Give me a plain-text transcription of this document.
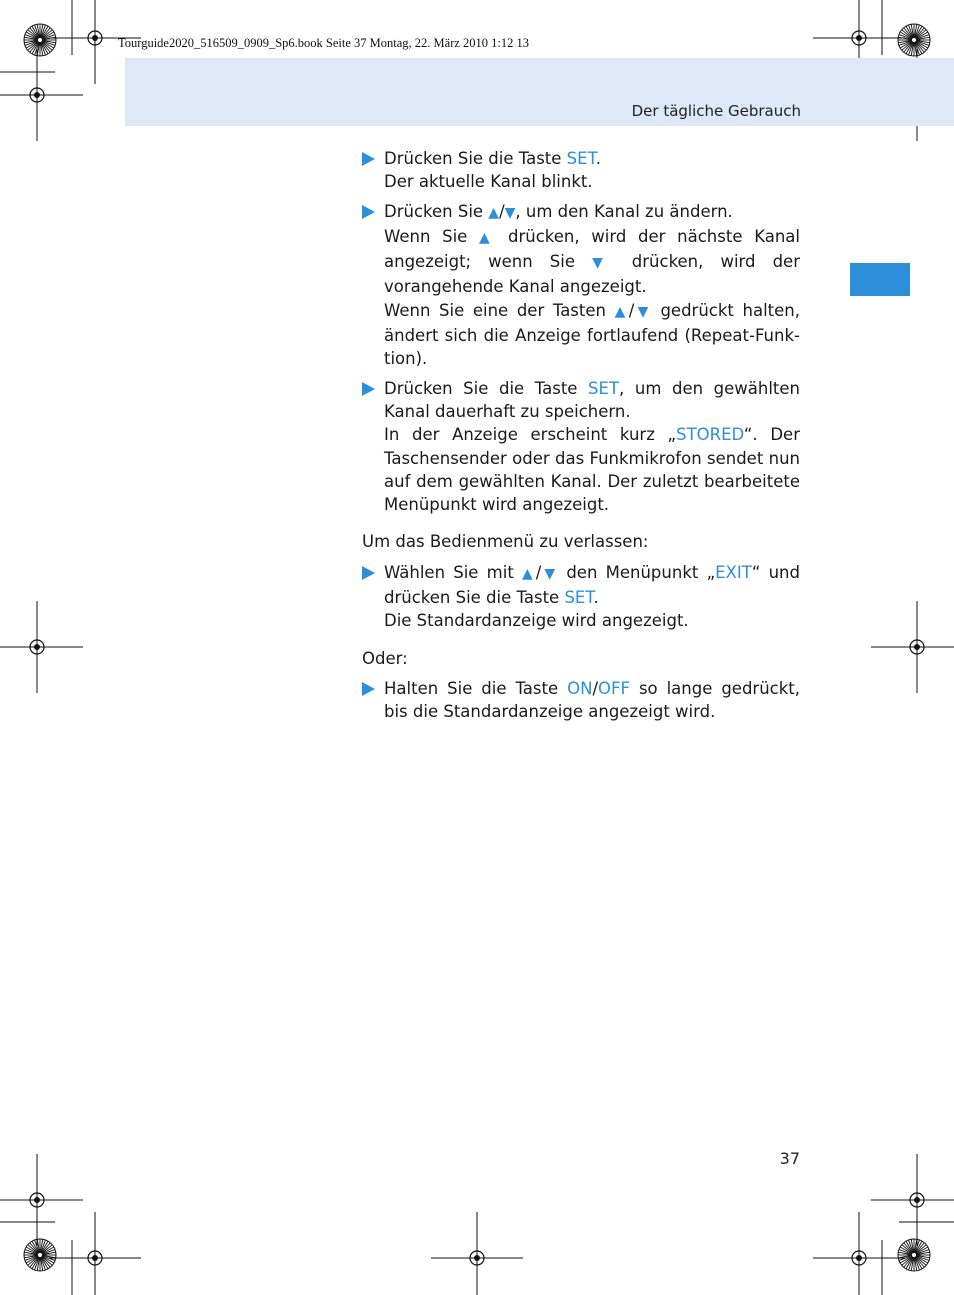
Tourguide2020_516509_0909_Sp6.book Seite 37 Montag, 22. März 2010 1:12 13
Der tägliche Gebrauch
Drücken Sie die Taste SET.
Der aktuelle Kanal blinkt.
Drücken Sie ▲/▼, um den Kanal zu ändern.
Wenn Sie ▲ drücken, wird der nächste Kanal angezeigt; wenn Sie ▼ drücken, wird der vorangehende Kanal angezeigt.
Wenn Sie eine der Tasten ▲/▼ gedrückt halten, ändert sich die Anzeige fortlaufend (Repeat-Funktion).
Drücken Sie die Taste SET, um den gewählten Kanal dauerhaft zu speichern.
In der Anzeige erscheint kurz „STORED“. Der Taschensender oder das Funkmikrofon sendet nun auf dem gewählten Kanal. Der zuletzt bearbeitete Menüpunkt wird angezeigt.
Um das Bedienmenü zu verlassen:
Wählen Sie mit ▲/▼ den Menüpunkt „EXIT“ und drücken Sie die Taste SET.
Die Standardanzeige wird angezeigt.
Oder:
Halten Sie die Taste ON/OFF so lange gedrückt, bis die Standardanzeige angezeigt wird.
37
